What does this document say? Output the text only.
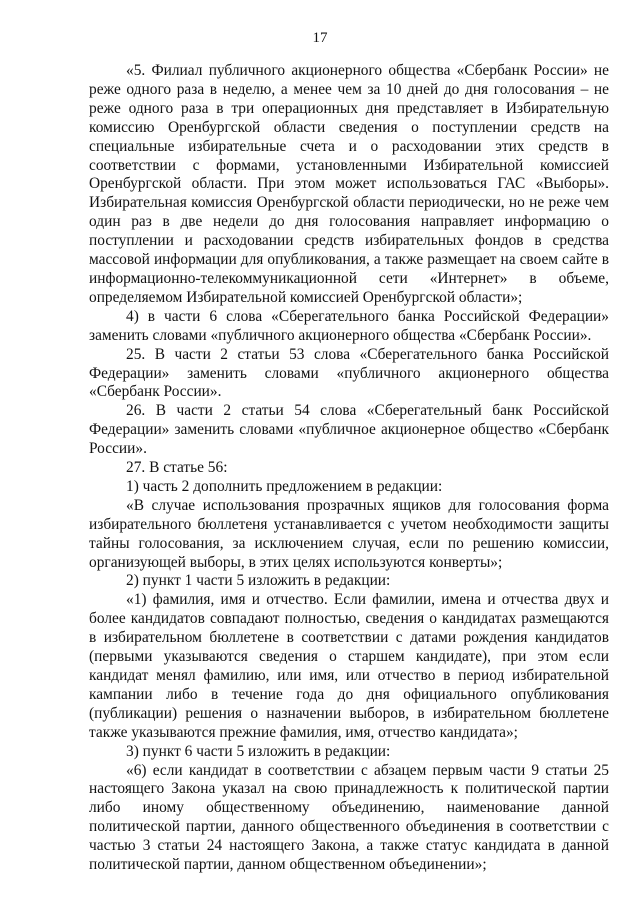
17

«5. Филиал публичного акционерного общества «Сбербанк России» не реже одного раза в неделю, а менее чем за 10 дней до дня голосования – не реже одного раза в три операционных дня представляет в Избирательную комиссию Оренбургской области сведения о поступлении средств на специальные избирательные счета и о расходовании этих средств в соответствии с формами, установленными Избирательной комиссией Оренбургской области. При этом может использоваться ГАС «Выборы». Избирательная комиссия Оренбургской области периодически, но не реже чем один раз в две недели до дня голосования направляет информацию о поступлении и расходовании средств избирательных фондов в средства массовой информации для опубликования, а также размещает на своем сайте в информационно-телекоммуникационной сети «Интернет» в объеме, определяемом Избирательной комиссией Оренбургской области»;

4) в части 6 слова «Сберегательного банка Российской Федерации» заменить словами «публичного акционерного общества «Сбербанк России».

25. В части 2 статьи 53 слова «Сберегательного банка Российской Федерации» заменить словами «публичного акционерного общества «Сбербанк России».

26. В части 2 статьи 54 слова «Сберегательный банк Российской Федерации» заменить словами «публичное акционерное общество «Сбербанк России».

27. В статье 56:

1) часть 2 дополнить предложением в редакции:

«В случае использования прозрачных ящиков для голосования форма избирательного бюллетеня устанавливается с учетом необходимости защиты тайны голосования, за исключением случая, если по решению комиссии, организующей выборы, в этих целях используются конверты»;

2) пункт 1 части 5 изложить в редакции:

«1) фамилия, имя и отчество. Если фамилии, имена и отчества двух и более кандидатов совпадают полностью, сведения о кандидатах размещаются в избирательном бюллетене в соответствии с датами рождения кандидатов (первыми указываются сведения о старшем кандидате), при этом если кандидат менял фамилию, или имя, или отчество в период избирательной кампании либо в течение года до дня официального опубликования (публикации) решения о назначении выборов, в избирательном бюллетене также указываются прежние фамилия, имя, отчество кандидата»;

3) пункт 6 части 5 изложить в редакции:

«6) если кандидат в соответствии с абзацем первым части 9 статьи 25 настоящего Закона указал на свою принадлежность к политической партии либо иному общественному объединению, наименование данной политической партии, данного общественного объединения в соответствии с частью 3 статьи 24 настоящего Закона, а также статус кандидата в данной политической партии, данном общественном объединении»;
